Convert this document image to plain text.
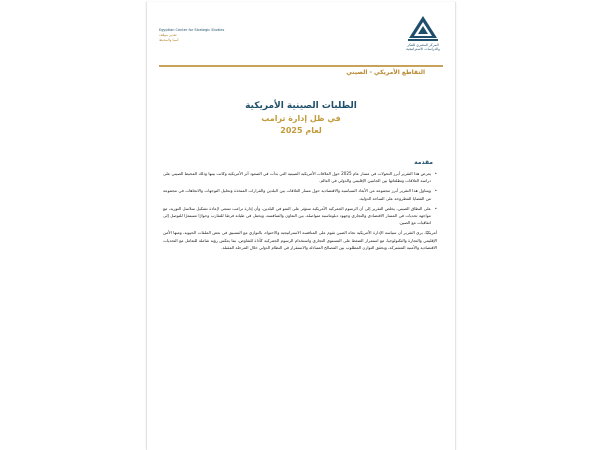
المركز المصري للفكر والدراسات الاستراتيجية
Egyptian Center for Strategic Studies
تقدير موقف
آسيا والمحيط
التقاطع الأمريكي - الصيني
الطلبات الصينية الأمريكية
في ظل إدارة ترامب
لعام 2025
مقدمة
• يعرض هذا التقرير أبرز التحولات في مسار عام 2025 حول العلاقات الأمريكية الصينية التي بدأت في الصعود أثر الأمريكية وكانت بينها وذلك المحيط الصيني على دراسة العلاقات وتطلعاتها بين الجانبين الإقليمي والدولي في العالم.
• ويتناول هذا التقرير أبرز مجموعة من الأبعاد السياسية والاقتصادية حول مسار العلاقات بين البلدين والقرارات المتخذة وتحليل التوجهات والاتجاهات في مجموعة من القضايا المطروحة على الساحة الدولية.
• على النطاق الصيني، يخلص التقرير إلى أن الرسوم الجمركية الأمريكية ستؤثر على النمو في البلدين، وأن إدارة ترامب تسعى لإعادة تشكيل سلاسل التوريد، مع مواجهة تحديات في المسار الاقتصادي والتجاري وجهود دبلوماسية متواصلة، بين التعاون والمنافسة، ويحمل في طياته فرصًا للتقارب وحوارًا مستمرًا للتوصل إلى اتفاقيات مع الصين.

أمريكيًا، يرى التقرير أن سياسة الإدارة الأمريكية تجاه الصين تقوم على المنافسة الاستراتيجية والاحتواء، بالتوازي مع التنسيق في بعض الملفات الحيوية، ومنها الأمن الإقليمي والتجارة والتكنولوجيا، مع استمرار الضغط على المستوى التجاري واستخدام الرسوم الجمركية كأداة للتفاوض، بما يعكس رؤية شاملة للتعامل مع التحديات الاقتصادية والأمنية المشتركة، ويحقق التوازن المطلوب بين المصالح المتبادلة والاستقرار في النظام الدولي خلال المرحلة المقبلة.
